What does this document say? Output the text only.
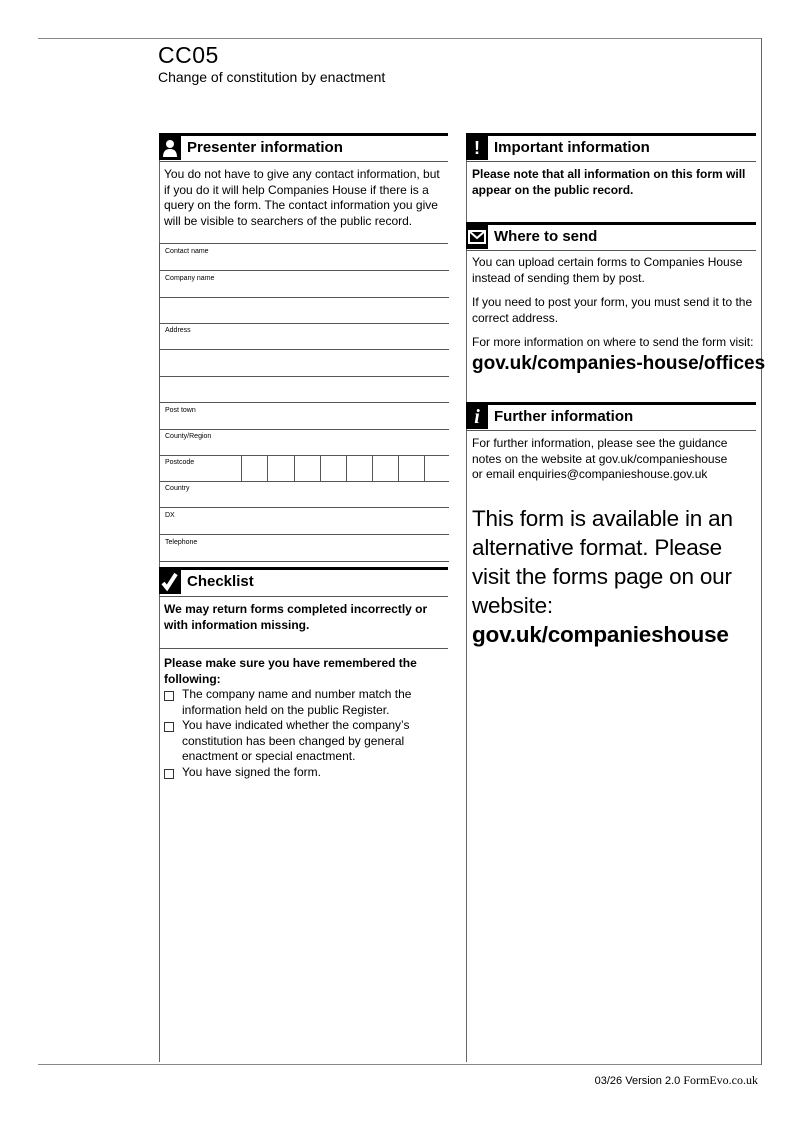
CC05
Change of constitution by enactment
Presenter information
You do not have to give any contact information, but if you do it will help Companies House if there is a query on the form. The contact information you give will be visible to searchers of the public record.
Contact name
Company name
Address
Post town
County/Region
Postcode
Country
DX
Telephone
Checklist
We may return forms completed incorrectly or with information missing.
Please make sure you have remembered the following:
The company name and number match the information held on the public Register.
You have indicated whether the company’s constitution has been changed by general enactment or special enactment.
You have signed the form.
! Important information
Please note that all information on this form will appear on the public record.
Where to send
You can upload certain forms to Companies House instead of sending them by post.
If you need to post your form, you must send it to the correct address.
For more information on where to send the form visit:
gov.uk/companies-house/offices
i Further information
For further information, please see the guidance
notes on the website at gov.uk/companieshouse
or email enquiries@companieshouse.gov.uk
This form is available in an alternative format. Please visit the forms page on our website:
gov.uk/companieshouse
03/26 Version 2.0 FormEvo.co.uk
